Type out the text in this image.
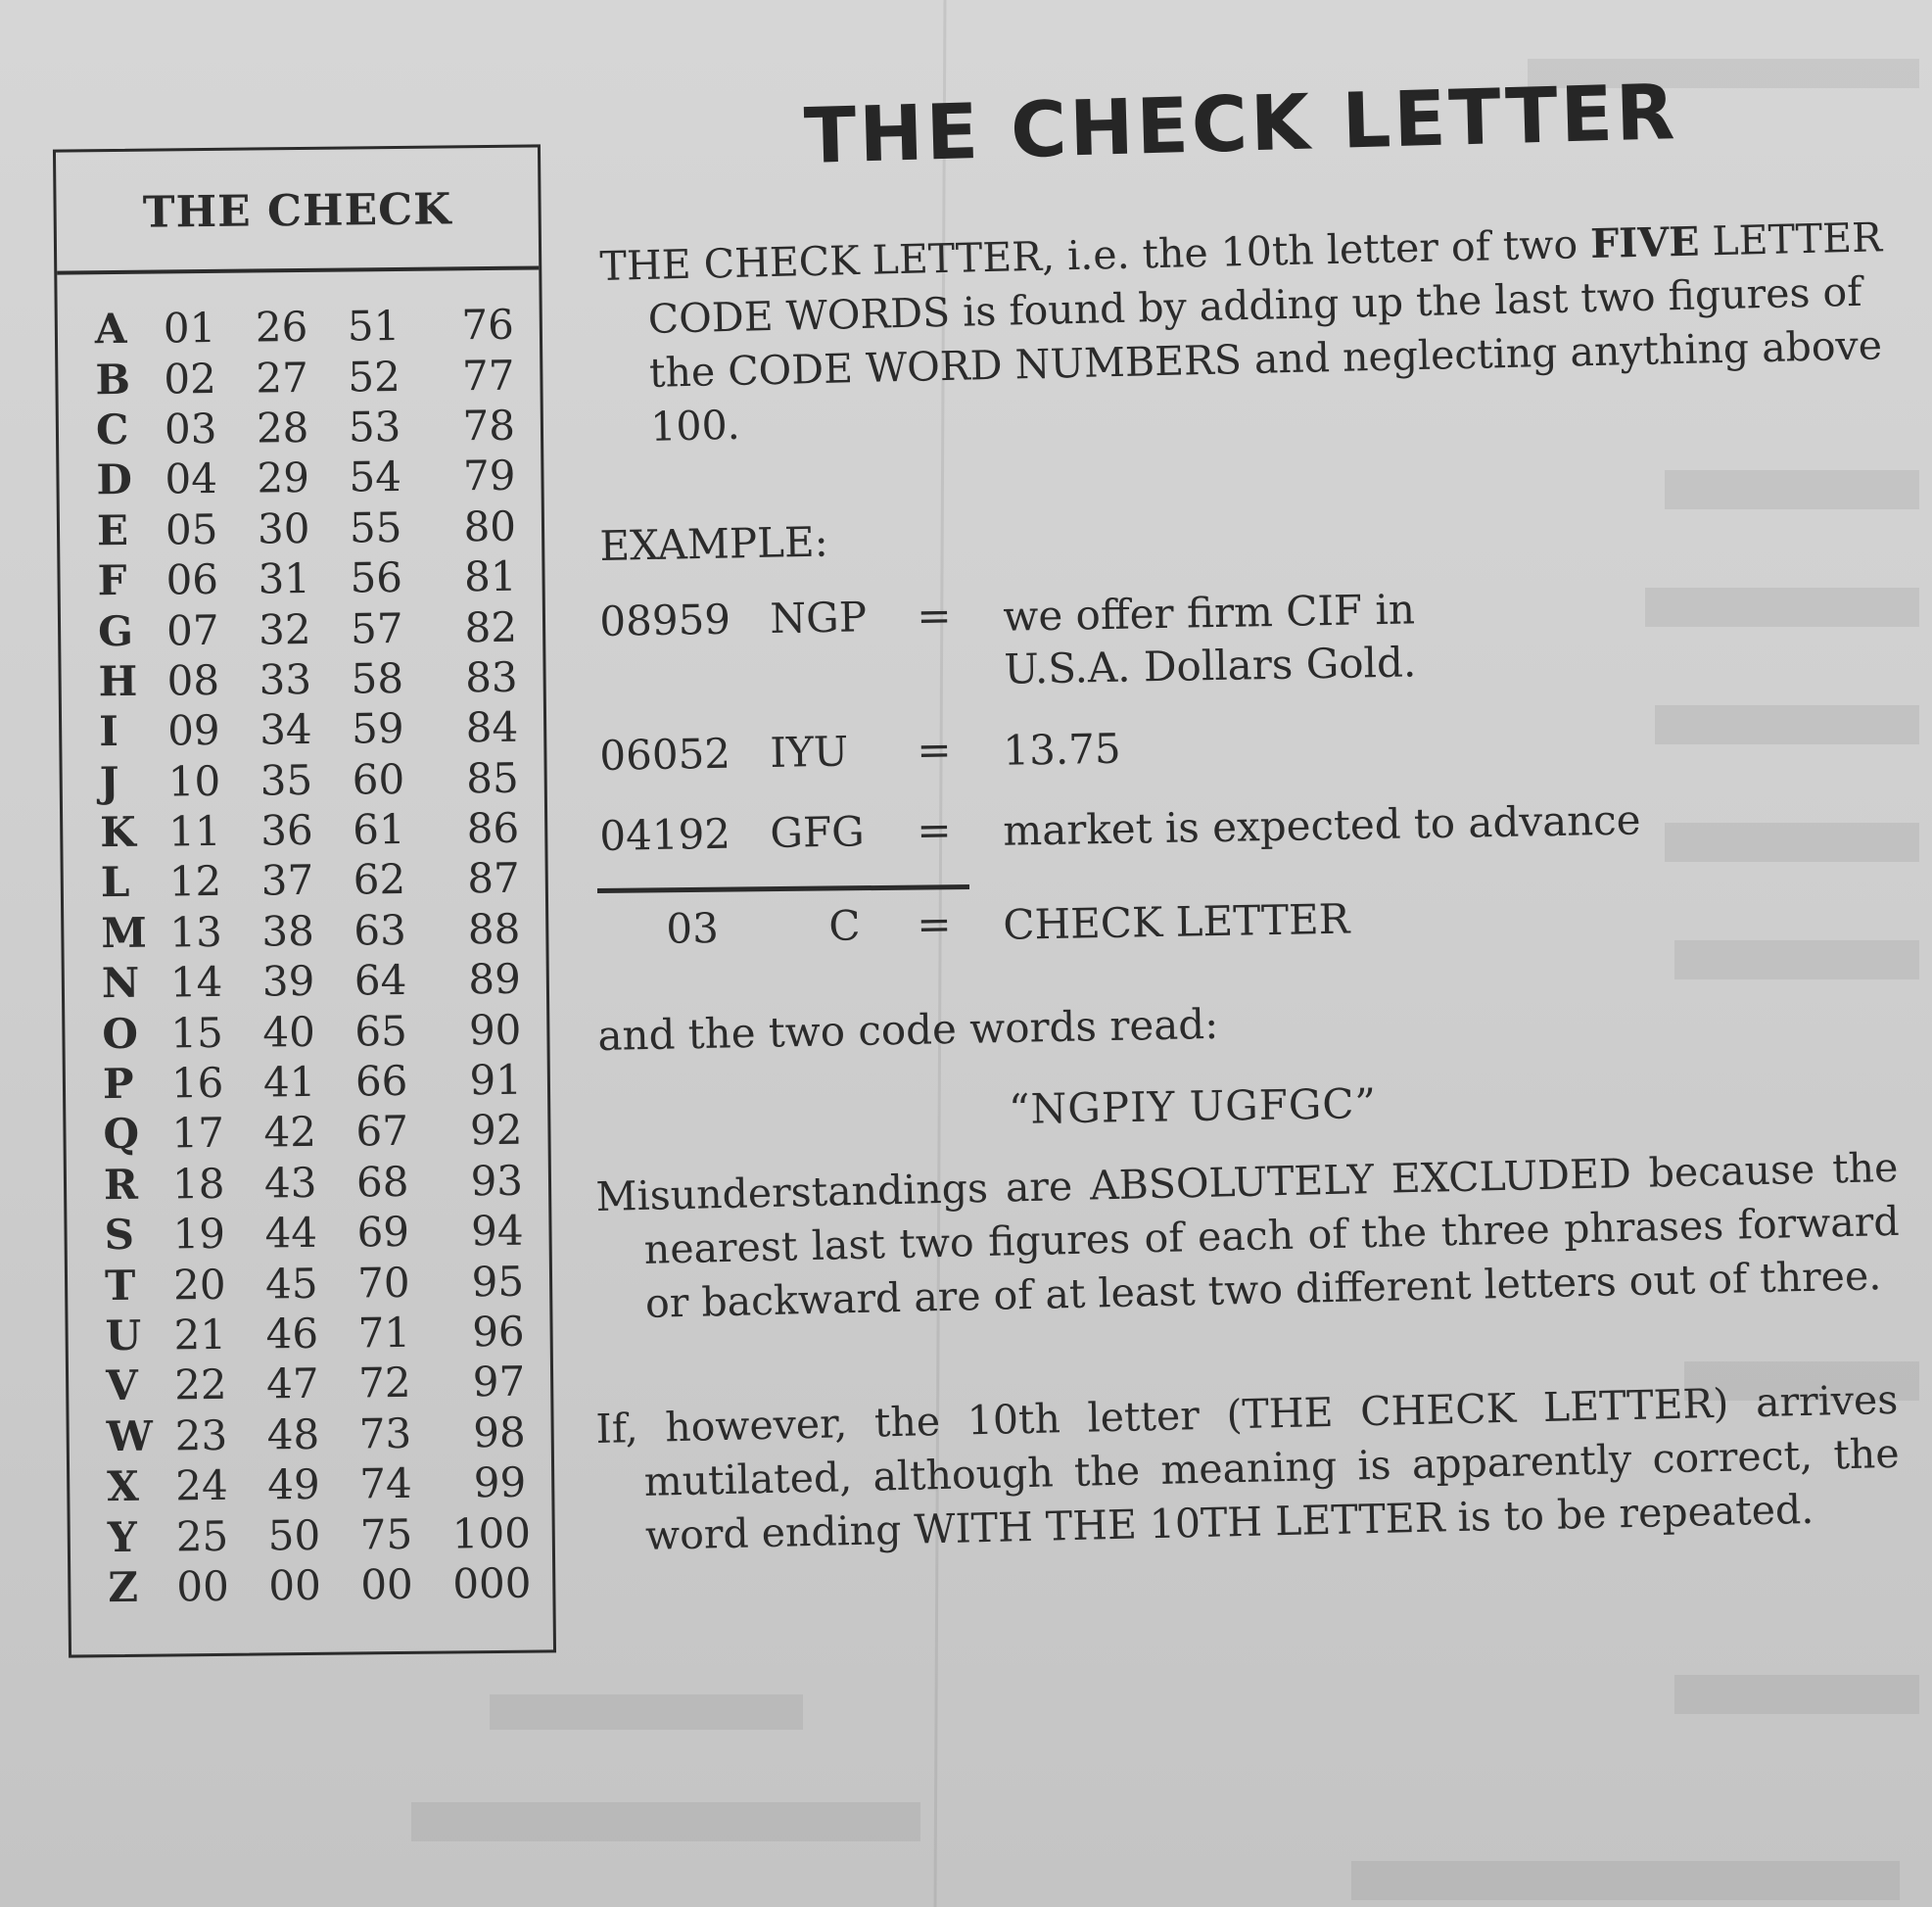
THE CHECK
A 01 26 51	76
B 02 27 52	77
C 03 28 53	78
D 04 29 54	79
E 05 30 55	80
F 06 31 56	81
G 07 32 57	82
H 08 33 58	83
I	09 34 59	84
J	10 35 60	85
K 11 36 61	86
L 12 37 62	87
M 13 38 63	88
N 14 39 64	89
O 15 40 65	90
P 16 41 66	91
Q 17 42 67	92
R 18 43 68	93
S 19 44 69	94
T 20 45 70	95
U 21 46 71	96
V 22 47 72	97
W 23 48 73	98
X 24 49 74	99
Y 25 50 75 100
Z 00 00 00 000
THE CHECK LETTER

THE CHECK LETTER, i.e. the 10th letter of two FIVE LETTER CODE WORDS is found by adding up the last two figures of the CODE WORD NUMBERS and neglecting anything above 100.

EXAMPLE:
08959 NGP	=	we offer firm CIF in U.S.A. Dollars Gold.
06052 IYU	=	13.75
04192 GFG	=	market is expected to advance
03	C	=	CHECK LETTER
and the two code words read:
“NGPIY UGFGC”

Misunderstandings are ABSOLUTELY EXCLUDED because the nearest last two figures of each of the three phrases forward or backward are of at least two different letters out of three.

If, however, the 10th letter (THE CHECK LETTER) arrives mutilated, although the meaning is apparently correct, the word ending WITH THE 10TH LETTER is to be repeated.
